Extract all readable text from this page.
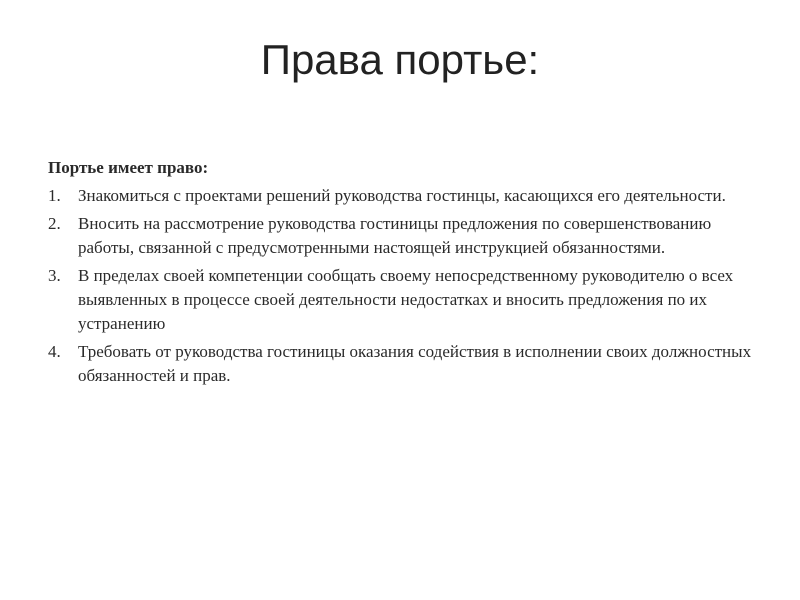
Права портье:

Портье имеет право:

1.	Знакомиться с проектами решений руководства гостинцы, касающихся его деятельности.
2.	Вносить на рассмотрение руководства гостиницы предложения по совершенствованию работы, связанной с предусмотренными настоящей инструкцией обязанностями.
3.	В пределах своей компетенции сообщать своему непосредственному руководителю о всех выявленных в процессе своей деятельности недостатках и вносить предложения по их устранению
4.	Требовать от руководства гостиницы оказания содействия в исполнении своих должностных обязанностей и прав.
